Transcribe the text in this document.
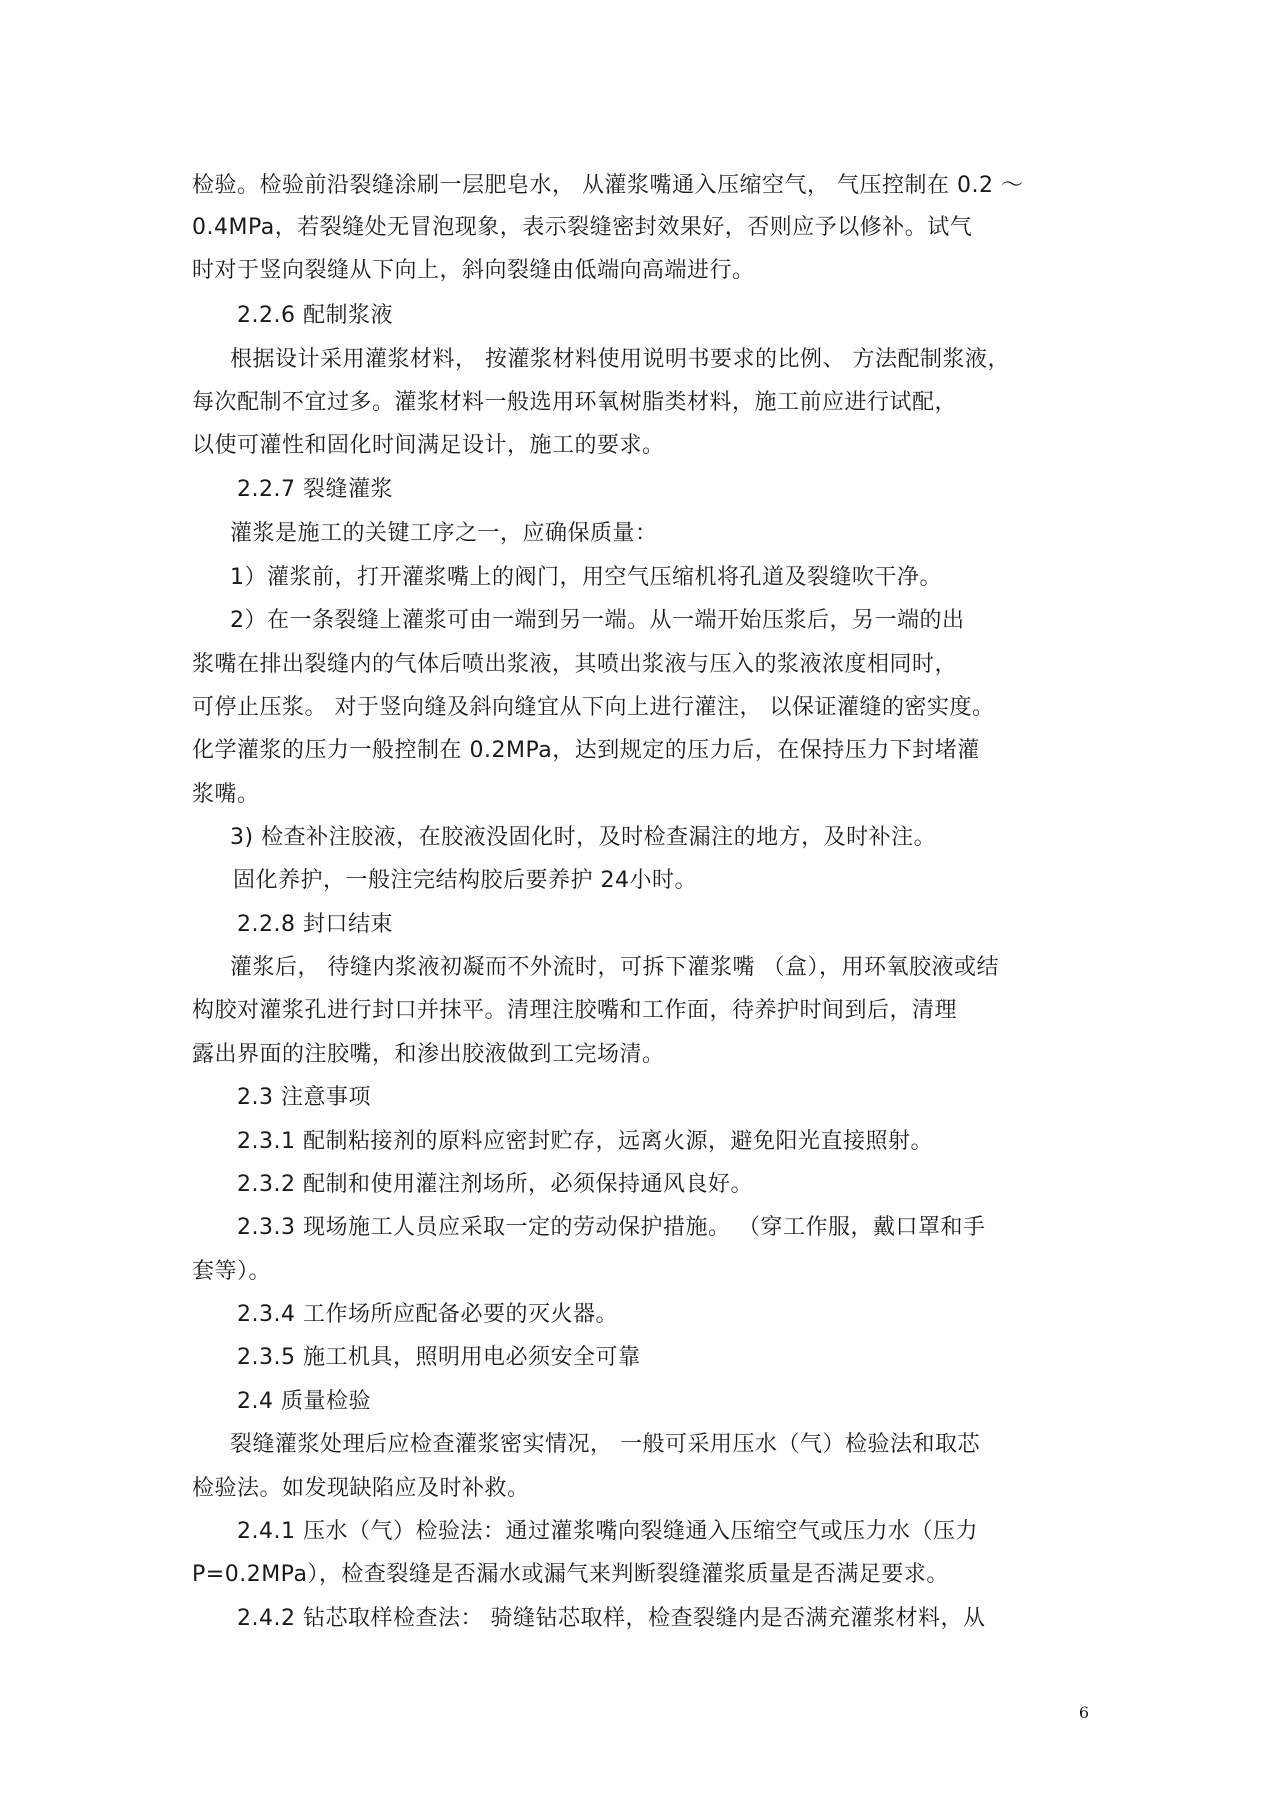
检验。检验前沿裂缝涂刷一层肥皂水， 从灌浆嘴通入压缩空气， 气压控制在 0.2 ～
0.4MPa，若裂缝处无冒泡现象，表示裂缝密封效果好，否则应予以修补。试气
时对于竖向裂缝从下向上，斜向裂缝由低端向高端进行。
2.2.6 配制浆液
根据设计采用灌浆材料， 按灌浆材料使用说明书要求的比例、 方法配制浆液，
每次配制不宜过多。灌浆材料一般选用环氧树脂类材料，施工前应进行试配，
以使可灌性和固化时间满足设计，施工的要求。
2.2.7 裂缝灌浆
灌浆是施工的关键工序之一，应确保质量：
1）灌浆前，打开灌浆嘴上的阀门，用空气压缩机将孔道及裂缝吹干净。
2）在一条裂缝上灌浆可由一端到另一端。从一端开始压浆后，另一端的出
浆嘴在排出裂缝内的气体后喷出浆液，其喷出浆液与压入的浆液浓度相同时，
可停止压浆。 对于竖向缝及斜向缝宜从下向上进行灌注， 以保证灌缝的密实度。
化学灌浆的压力一般控制在 0.2MPa，达到规定的压力后，在保持压力下封堵灌
浆嘴。
3) 检查补注胶液，在胶液没固化时，及时检查漏注的地方，及时补注。
固化养护，一般注完结构胶后要养护 24小时。
2.2.8 封口结束
灌浆后， 待缝内浆液初凝而不外流时，可拆下灌浆嘴 （盒），用环氧胶液或结
构胶对灌浆孔进行封口并抹平。清理注胶嘴和工作面，待养护时间到后，清理
露出界面的注胶嘴，和渗出胶液做到工完场清。
2.3 注意事项
2.3.1 配制粘接剂的原料应密封贮存，远离火源，避免阳光直接照射。
2.3.2 配制和使用灌注剂场所，必须保持通风良好。
2.3.3 现场施工人员应采取一定的劳动保护措施。 （穿工作服，戴口罩和手
套等）。
2.3.4 工作场所应配备必要的灭火器。
2.3.5 施工机具，照明用电必须安全可靠
2.4 质量检验
裂缝灌浆处理后应检查灌浆密实情况， 一般可采用压水（气）检验法和取芯
检验法。如发现缺陷应及时补救。
2.4.1 压水（气）检验法：通过灌浆嘴向裂缝通入压缩空气或压力水（压力
P=0.2MPa），检查裂缝是否漏水或漏气来判断裂缝灌浆质量是否满足要求。
2.4.2 钻芯取样检查法： 骑缝钻芯取样，检查裂缝内是否满充灌浆材料，从
6
